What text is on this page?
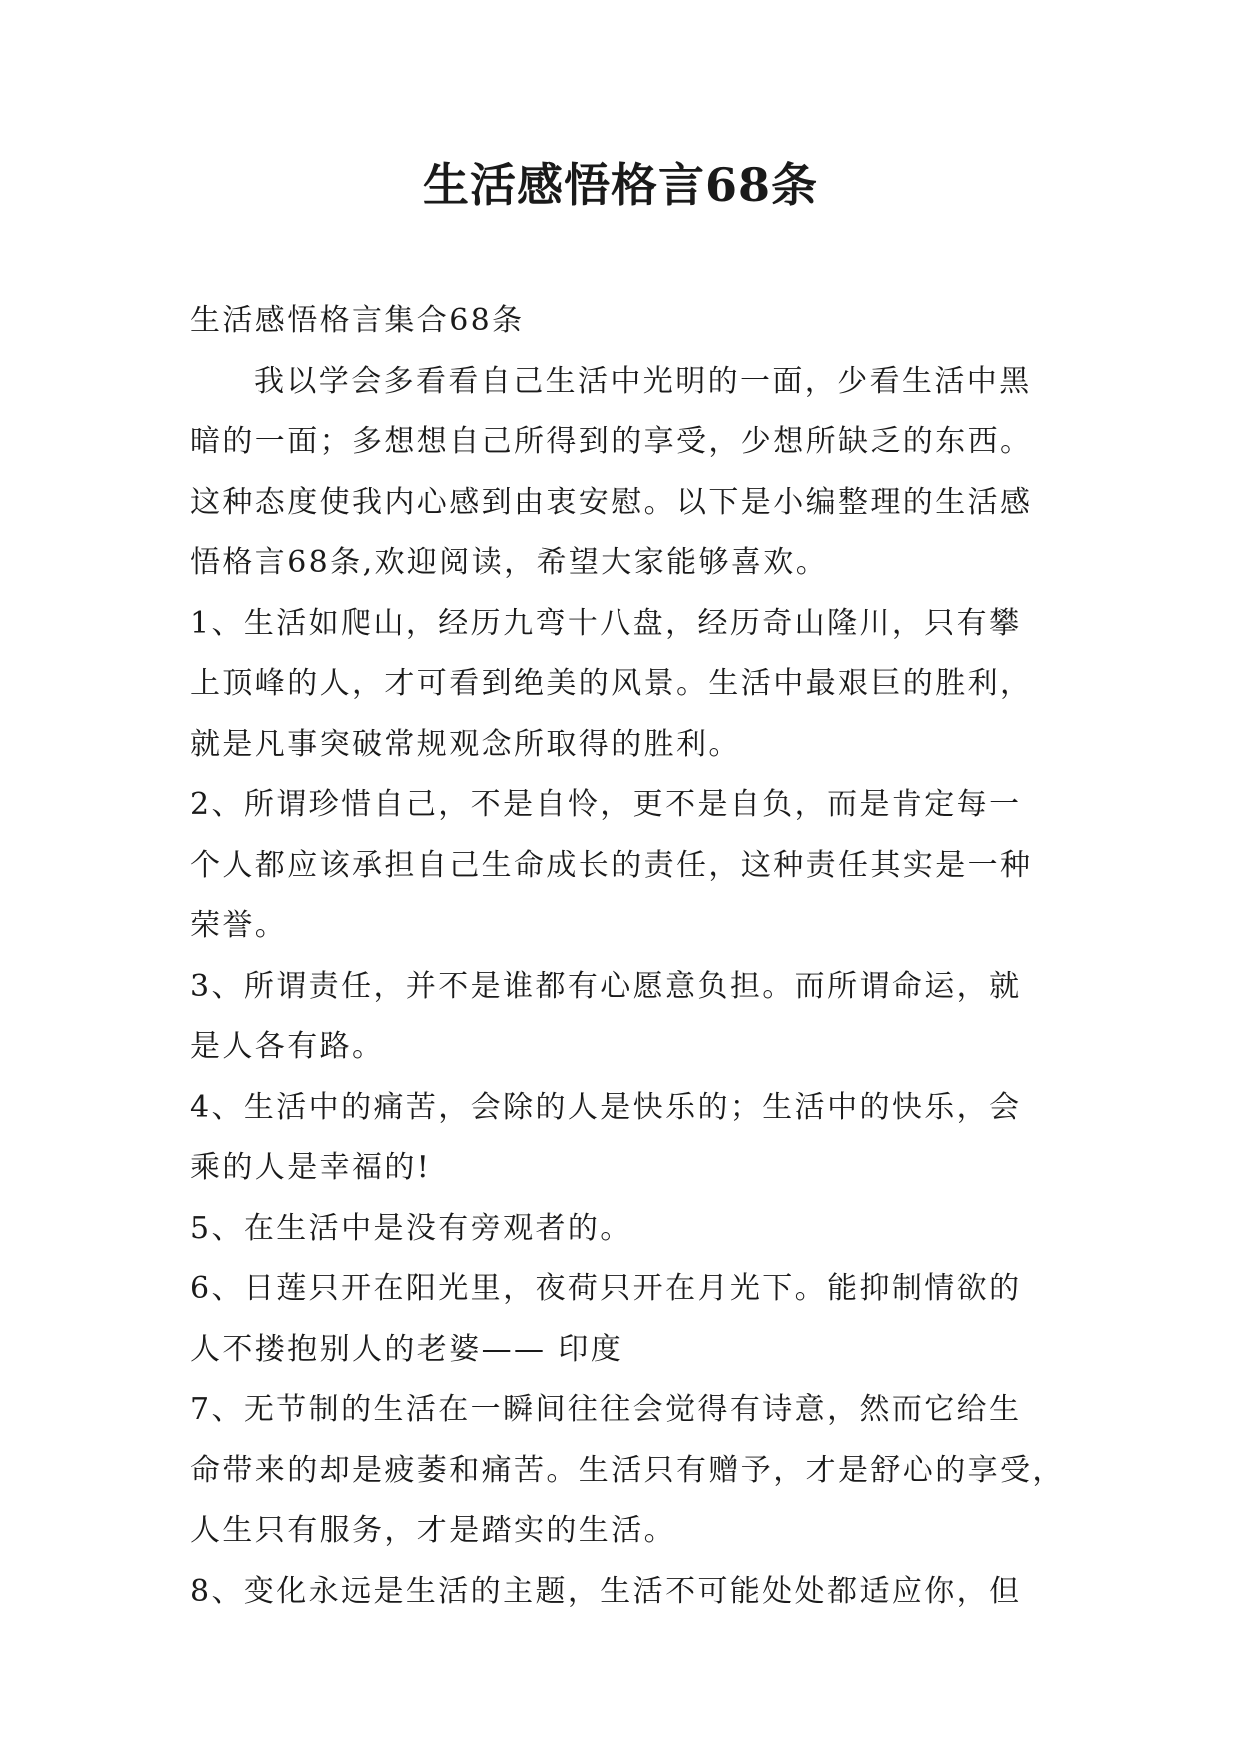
生活感悟格言68条
生活感悟格言集合68条
我以学会多看看自己生活中光明的一面，少看生活中黑
暗的一面；多想想自己所得到的享受，少想所缺乏的东西。
这种态度使我内心感到由衷安慰。以下是小编整理的生活感
悟格言68条,欢迎阅读，希望大家能够喜欢。
1、生活如爬山，经历九弯十八盘，经历奇山隆川，只有攀
上顶峰的人，才可看到绝美的风景。生活中最艰巨的胜利，
就是凡事突破常规观念所取得的胜利。
2、所谓珍惜自己，不是自怜，更不是自负，而是肯定每一
个人都应该承担自己生命成长的责任，这种责任其实是一种
荣誉。
3、所谓责任，并不是谁都有心愿意负担。而所谓命运，就
是人各有路。
4、生活中的痛苦，会除的人是快乐的；生活中的快乐，会
乘的人是幸福的!
5、在生活中是没有旁观者的。
6、日莲只开在阳光里，夜荷只开在月光下。能抑制情欲的
人不搂抱别人的老婆—— 印度
7、无节制的生活在一瞬间往往会觉得有诗意，然而它给生
命带来的却是疲萎和痛苦。生活只有赠予，才是舒心的享受，
人生只有服务，才是踏实的生活。
8、变化永远是生活的主题，生活不可能处处都适应你，但
